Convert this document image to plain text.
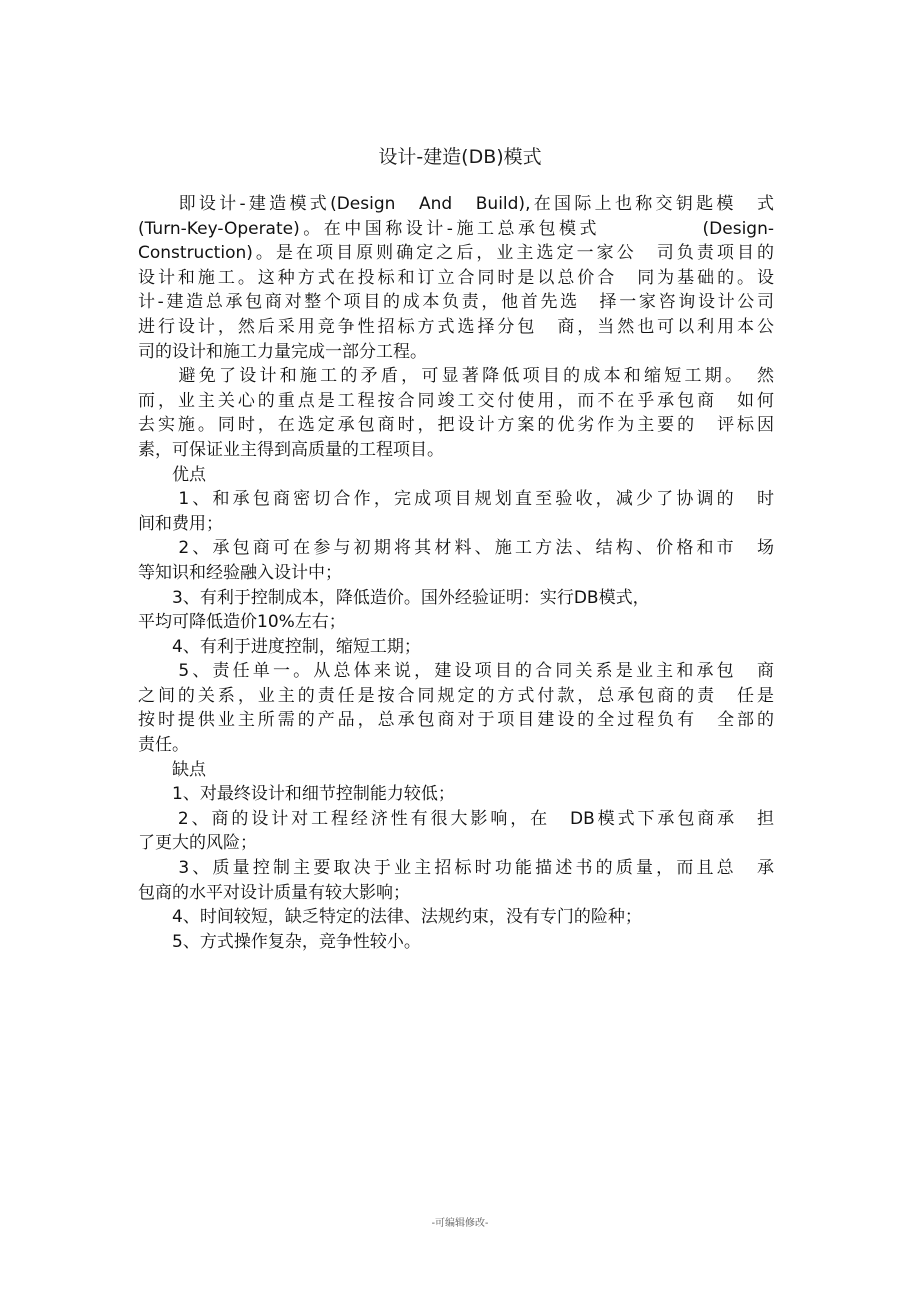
设计-建造(DB)模式
　　即设计-建造模式(Design　And　Build),在国际上也称交钥匙模　式
(Turn-Key-Operate)。在中国称设计-施工总承包模式　　　　　(Design-
Construction)。是在项目原则确定之后，业主选定一家公　司负责项目的
设计和施工。这种方式在投标和订立合同时是以总价合　同为基础的。设
计-建造总承包商对整个项目的成本负责，他首先选　择一家咨询设计公司
进行设计，然后采用竞争性招标方式选择分包　商，当然也可以利用本公
司的设计和施工力量完成一部分工程。
　　避免了设计和施工的矛盾，可显著降低项目的成本和缩短工期。　然
而，业主关心的重点是工程按合同竣工交付使用，而不在乎承包商　如何
去实施。同时，在选定承包商时，把设计方案的优劣作为主要的　评标因
素，可保证业主得到高质量的工程项目。
　　优点
　　1、和承包商密切合作，完成项目规划直至验收，减少了协调的　时
间和费用；
　　2、承包商可在参与初期将其材料、施工方法、结构、价格和市　场
等知识和经验融入设计中；
　　3、有利于控制成本，降低造价。国外经验证明：实行DB模式，
平均可降低造价10%左右；
　　4、有利于进度控制，缩短工期；
　　5、责任单一。从总体来说，建设项目的合同关系是业主和承包　商
之间的关系，业主的责任是按合同规定的方式付款，总承包商的责　任是
按时提供业主所需的产品，总承包商对于项目建设的全过程负有　全部的
责任。
　　缺点
　　1、对最终设计和细节控制能力较低；
　　2、商的设计对工程经济性有很大影响，在　DB模式下承包商承　担
了更大的风险；
　　3、质量控制主要取决于业主招标时功能描述书的质量，而且总　承
包商的水平对设计质量有较大影响；
　　4、时间较短，缺乏特定的法律、法规约束，没有专门的险种；
　　5、方式操作复杂，竞争性较小。
-可编辑修改-
